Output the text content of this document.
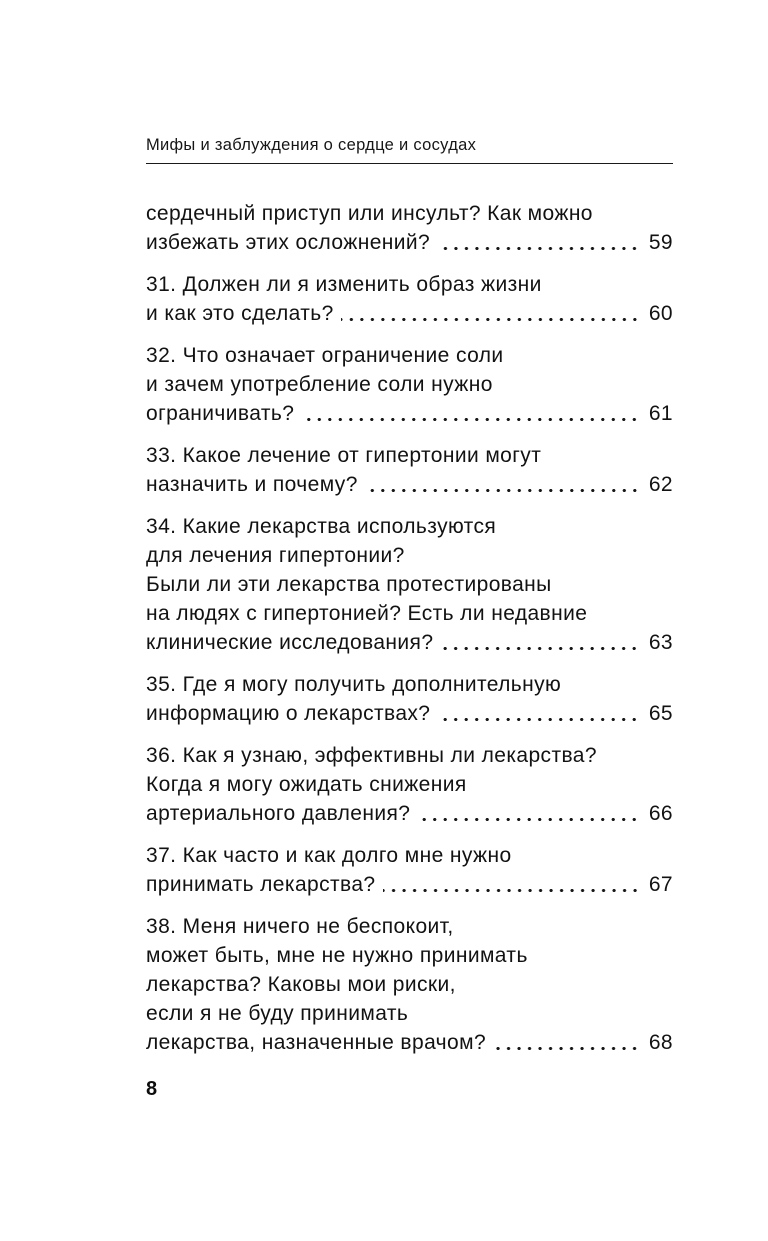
Мифы и заблуждения о сердце и сосудах
сердечный приступ или инсульт? Как можно
избежать этих осложнений?	59
31. Должен ли я изменить образ жизни
и как это сделать?	60
32. Что означает ограничение соли
и зачем употребление соли нужно
ограничивать?	61
33. Какое лечение от гипертонии могут
назначить и почему?	62
34. Какие лекарства используются
для лечения гипертонии?
Были ли эти лекарства протестированы
на людях с гипертонией? Есть ли недавние
клинические исследования?	63
35. Где я могу получить дополнительную
информацию о лекарствах?	65
36. Как я узнаю, эффективны ли лекарства?
Когда я могу ожидать снижения
артериального давления?	66
37. Как часто и как долго мне нужно
принимать лекарства?	67
38. Меня ничего не беспокоит,
может быть, мне не нужно принимать
лекарства? Каковы мои риски,
если я не буду принимать
лекарства, назначенные врачом?	68
8
